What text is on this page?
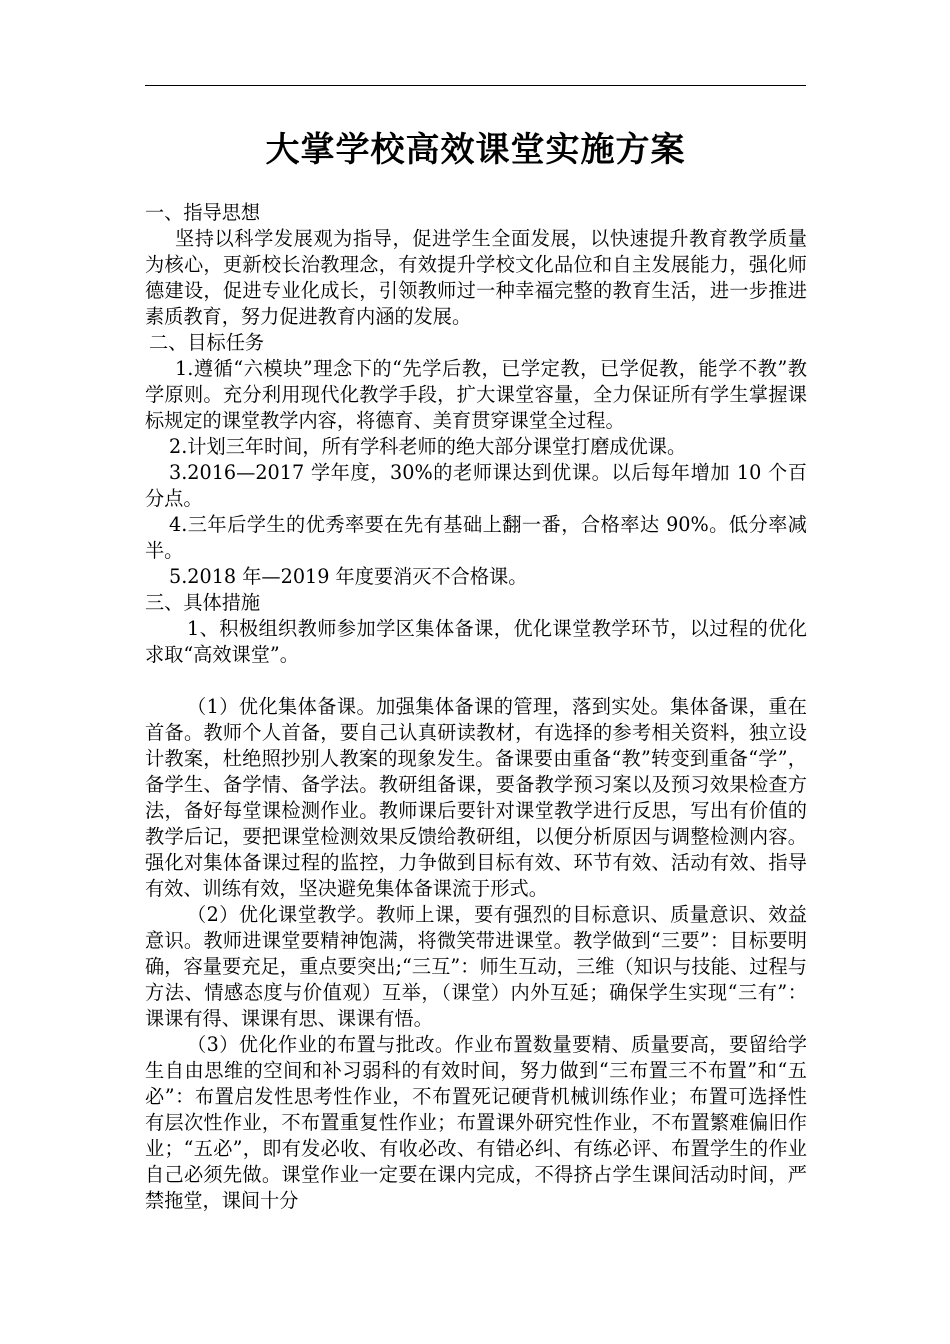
大掌学校高效课堂实施方案

一、指导思想

坚持以科学发展观为指导，促进学生全面发展，以快速提升教育教学质量为核心，更新校长治教理念，有效提升学校文化品位和自主发展能力，强化师德建设，促进专业化成长，引领教师过一种幸福完整的教育生活，进一步推进素质教育，努力促进教育内涵的发展。

二、目标任务

1.遵循“六模块”理念下的“先学后教，已学定教，已学促教，能学不教”教学原则。充分利用现代化教学手段，扩大课堂容量，全力保证所有学生掌握课标规定的课堂教学内容，将德育、美育贯穿课堂全过程。

2.计划三年时间，所有学科老师的绝大部分课堂打磨成优课。

3.2016—2017 学年度，30%的老师课达到优课。以后每年增加 10 个百分点。

4.三年后学生的优秀率要在先有基础上翻一番，合格率达 90%。低分率减半。

5.2018 年—2019 年度要消灭不合格课。

三、具体措施

1、积极组织教师参加学区集体备课，优化课堂教学环节，以过程的优化求取“高效课堂”。

（1）优化集体备课。加强集体备课的管理，落到实处。集体备课，重在首备。教师个人首备，要自己认真研读教材，有选择的参考相关资料，独立设计教案，杜绝照抄别人教案的现象发生。备课要由重备“教”转变到重备“学”，备学生、备学情、备学法。教研组备课，要备教学预习案以及预习效果检查方法，备好每堂课检测作业。教师课后要针对课堂教学进行反思，写出有价值的教学后记，要把课堂检测效果反馈给教研组，以便分析原因与调整检测内容。强化对集体备课过程的监控，力争做到目标有效、环节有效、活动有效、指导有效、训练有效，坚决避免集体备课流于形式。

（2）优化课堂教学。教师上课，要有强烈的目标意识、质量意识、效益意识。教师进课堂要精神饱满，将微笑带进课堂。教学做到“三要”：目标要明确，容量要充足，重点要突出;“三互”：师生互动，三维（知识与技能、过程与方法、情感态度与价值观）互举，（课堂）内外互延；确保学生实现“三有”：课课有得、课课有思、课课有悟。

（3）优化作业的布置与批改。作业布置数量要精、质量要高，要留给学生自由思维的空间和补习弱科的有效时间，努力做到“三布置三不布置”和“五必”：布置启发性思考性作业，不布置死记硬背机械训练作业；布置可选择性有层次性作业，不布置重复性作业；布置课外研究性作业，不布置繁难偏旧作业；“五必”，即有发必收、有收必改、有错必纠、有练必评、布置学生的作业自己必须先做。课堂作业一定要在课内完成，不得挤占学生课间活动时间，严禁拖堂，课间十分
